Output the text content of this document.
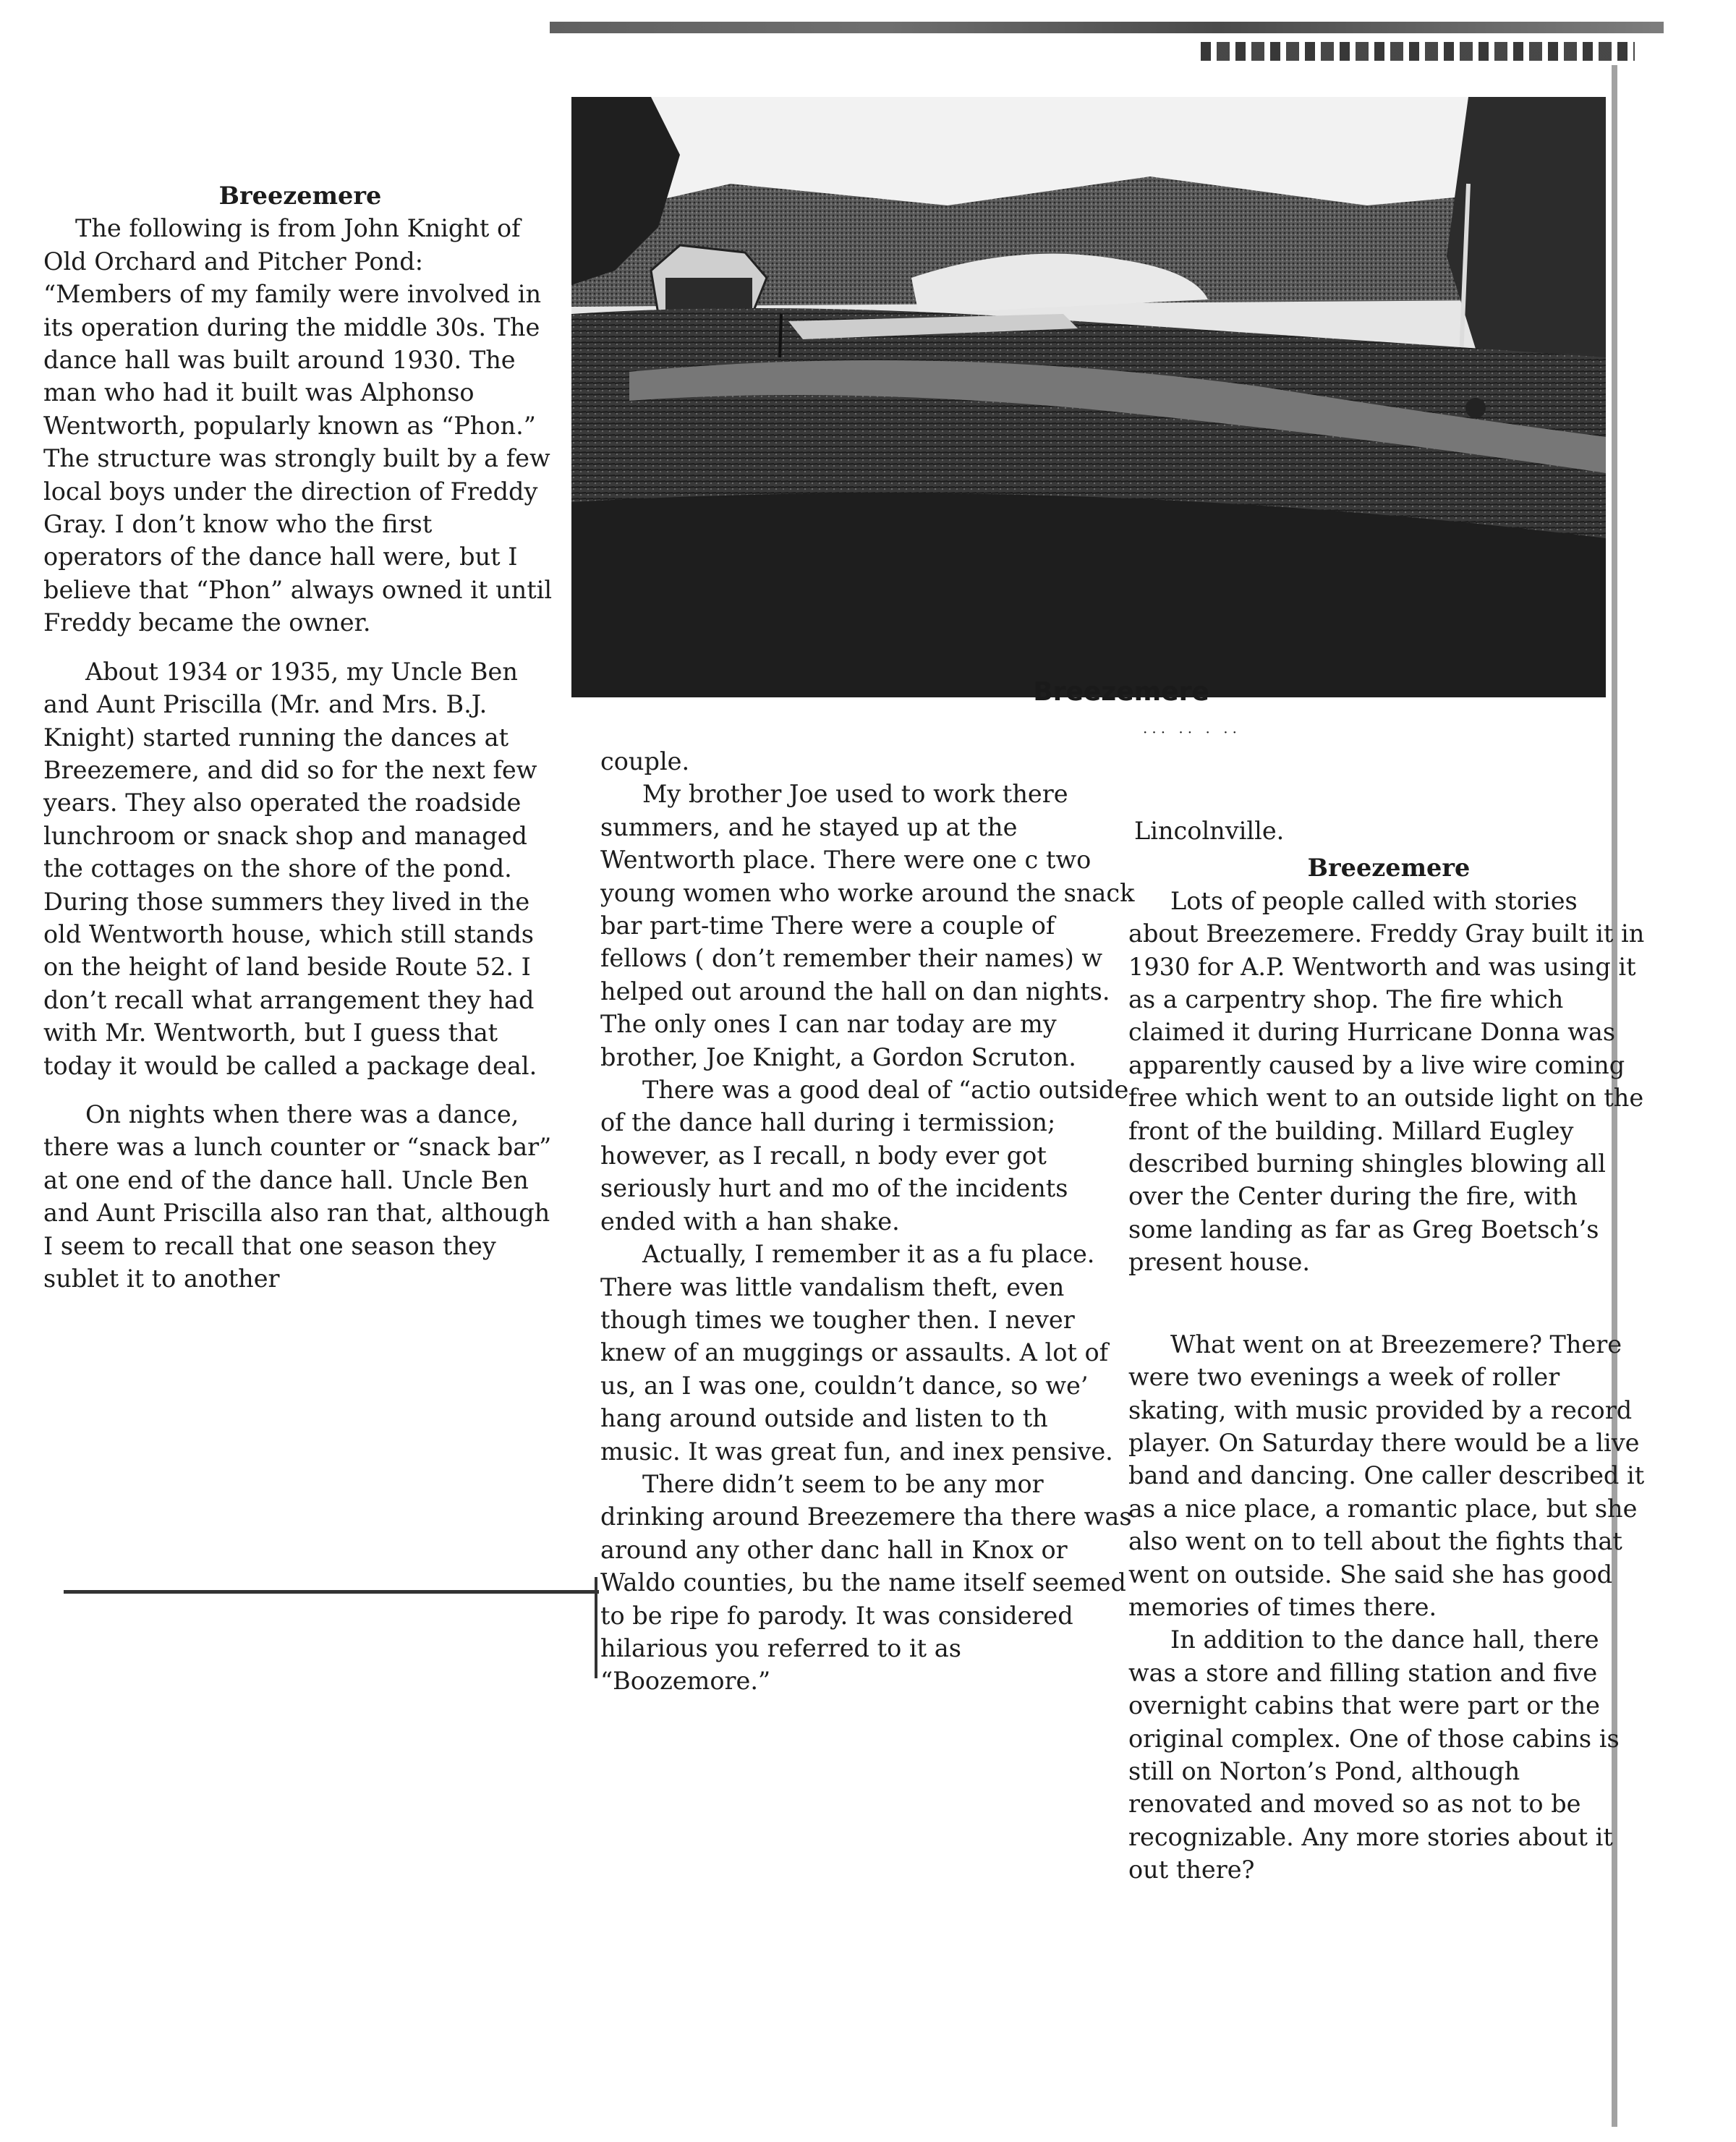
Breezemere
··· ·· · ··
Breezemere

The following is from John Knight of Old Orchard and Pitcher Pond: “Members of my family were involved in its operation during the middle 30s. The dance hall was built around 1930. The man who had it built was Alphonso Wentworth, popularly known as “Phon.” The structure was strongly built by a few local boys under the direction of Freddy Gray. I don’t know who the first operators of the dance hall were, but I believe that “Phon” always owned it until Freddy became the owner.

About 1934 or 1935, my Uncle Ben and Aunt Priscilla (Mr. and Mrs. B.J. Knight) started running the dances at Breezemere, and did so for the next few years. They also operated the roadside lunchroom or snack shop and managed the cottages on the shore of the pond. During those summers they lived in the old Wentworth house, which still stands on the height of land beside Route 52. I don’t recall what arrangement they had with Mr. Wentworth, but I guess that today it would be called a package deal.

On nights when there was a dance, there was a lunch counter or “snack bar” at one end of the dance hall. Uncle Ben and Aunt Priscilla also ran that, although I seem to recall that one season they sublet it to another

couple.

My brother Joe used to work there summers, and he stayed up at the Wentworth place. There were one c two young women who worke around the snack bar part-time There were a couple of fellows ( don’t remember their names) w helped out around the hall on dan nights. The only ones I can nar today are my brother, Joe Knight, a Gordon Scruton.

There was a good deal of “actio outside of the dance hall during i termission; however, as I recall, n body ever got seriously hurt and mo of the incidents ended with a han shake.

Actually, I remember it as a fu place. There was little vandalism theft, even though times we tougher then. I never knew of an muggings or assaults. A lot of us, an I was one, couldn’t dance, so we’ hang around outside and listen to th music. It was great fun, and inex pensive.

There didn’t seem to be any mor drinking around Breezemere tha there was around any other danc hall in Knox or Waldo counties, bu the name itself seemed to be ripe fo parody. It was considered hilarious you referred to it as “Boozemore.”

Lincolnville.

Breezemere

Lots of people called with stories about Breezemere. Freddy Gray built it in 1930 for A.P. Wentworth and was using it as a carpentry shop. The fire which claimed it during Hurricane Donna was apparently caused by a live wire coming free which went to an outside light on the front of the building. Millard Eugley described burning shingles blowing all over the Center during the fire, with some landing as far as Greg Boetsch’s present house.

What went on at Breezemere? There were two evenings a week of roller skating, with music provided by a record player. On Saturday there would be a live band and dancing. One caller described it as a nice place, a romantic place, but she also went on to tell about the fights that went on outside. She said she has good memories of times there.

In addition to the dance hall, there was a store and filling station and five overnight cabins that were part or the original complex. One of those cabins is still on Norton’s Pond, although renovated and moved so as not to be recognizable. Any more stories about it out there?
